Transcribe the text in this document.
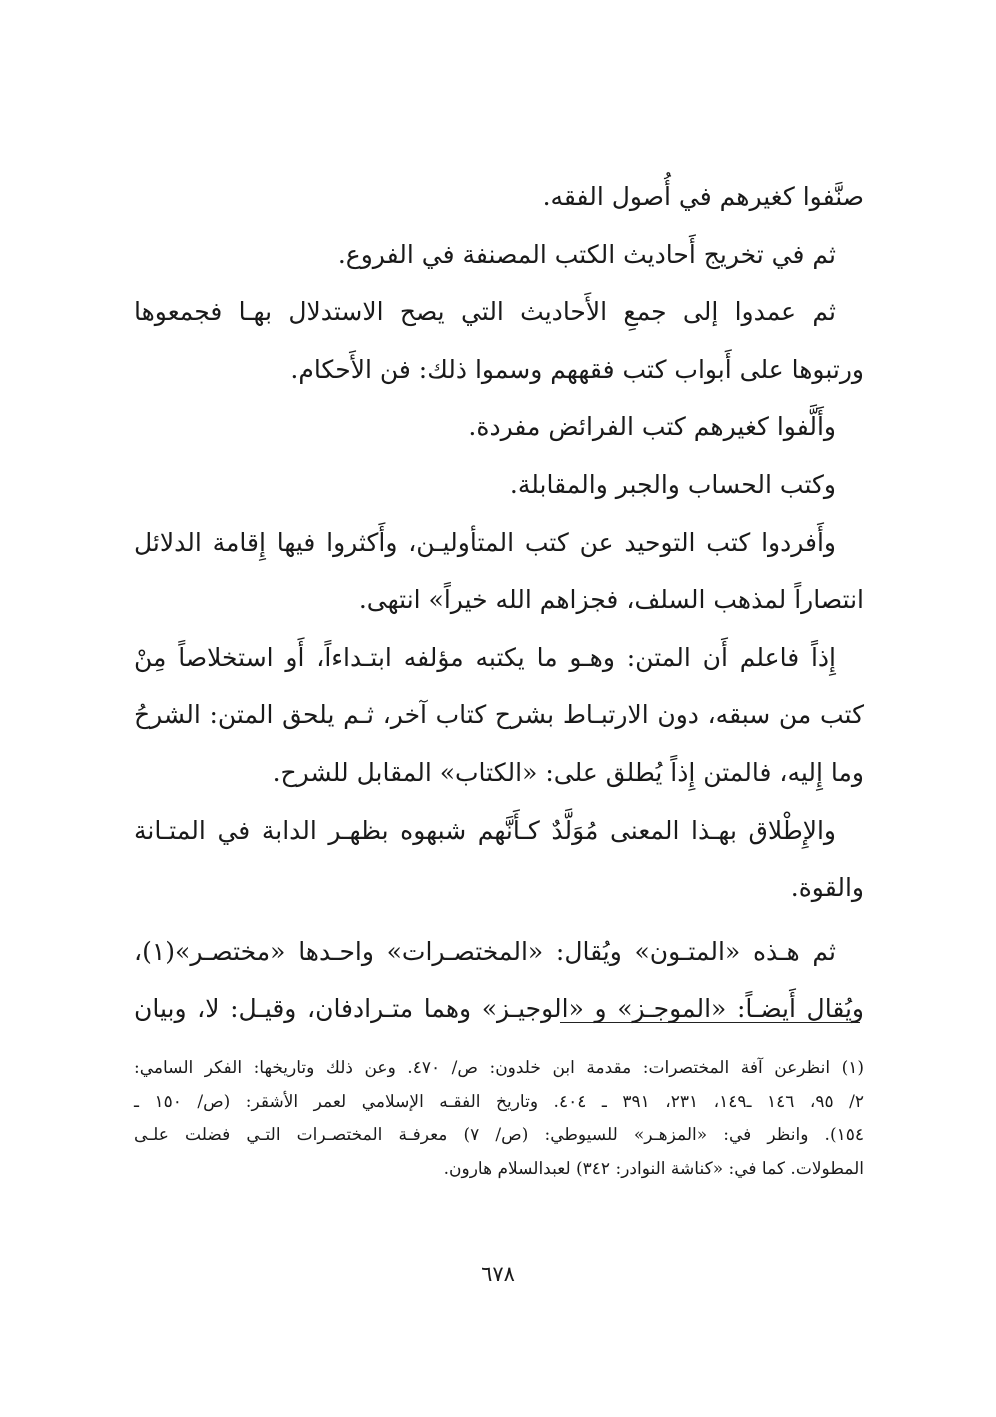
صنَّفوا كغيرهم في أُصول الفقه.
ثم في تخريج أَحاديث الكتب المصنفة في الفروع.
ثم عمدوا إلى جمعِ الأَحاديث التي يصح الاستدلال بهـا فجمعوها
ورتبوها على أَبواب كتب فقههم وسموا ذلك: فن الأَحكام.
وأَلَّفوا كغيرهم كتب الفرائض مفردة.
وكتب الحساب والجبر والمقابلة.
وأَفردوا كتب التوحيد عن كتب المتأوليـن، وأَكثروا فيها إِقامة الدلائل
انتصاراً لمذهب السلف، فجزاهم الله خيراً» انتهى.
إِذاً فاعلم أَن المتن: وهـو ما يكتبه مؤلفه ابتـداءاً، أَو استخلاصاً مِنْ
كتب من سبقه، دون الارتبـاط بشرح كتاب آخر، ثـم يلحق المتن: الشرحُ
وما إِليه، فالمتن إِذاً يُطلق على: «الكتاب» المقابل للشرح.
والإِطْلاق بهـذا المعنى مُوَلَّدٌ كـأَنَّهم شبهوه بظهـر الدابة في المتـانة
والقوة.
ثم هـذه «المتـون» ويُقال: «المختصـرات» واحـدها «مختصـر»(١)،
ويُقال أَيضـاً: «الموجـز» و «الوجيـز» وهما متـرادفان، وقيـل: لا، وبيان
(١) انظرعن آفة المختصرات: مقدمة ابن خلدون: ص/ ٤٧٠. وعن ذلك وتاريخها: الفكر السامي:
٢/ ٩٥، ١٤٦ ـ١٤٩، ٢٣١، ٣٩١ ـ ٤٠٤. وتاريخ الفقـه الإسلامي لعمر الأشقر: (ص/ ١٥٠ ـ
١٥٤). وانظر في: «المزهـر» للسيوطي: (ص/ ٧) معرفـة المختصـرات التـي فضلت علـى
المطولات. كما في: «كناشة النوادر: ٣٤٢) لعبدالسلام هارون.
٦٧٨
